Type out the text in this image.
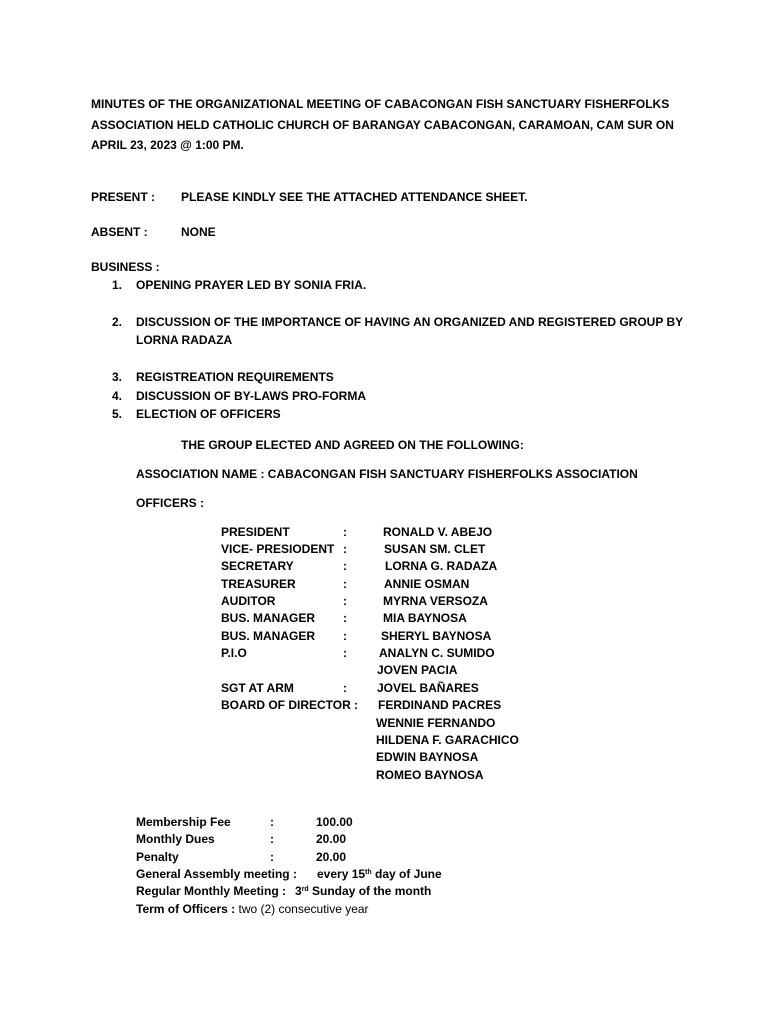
MINUTES OF THE ORGANIZATIONAL MEETING OF CABACONGAN FISH SANCTUARY FISHERFOLKS
ASSOCIATION HELD CATHOLIC CHURCH OF BARANGAY CABACONGAN, CARAMOAN, CAM SUR ON
APRIL 23, 2023 @ 1:00 PM.
PRESENT : PLEASE KINDLY SEE THE ATTACHED ATTENDANCE SHEET.
ABSENT :	NONE
BUSINESS :
1. OPENING PRAYER LED BY SONIA FRIA.
2. DISCUSSION OF THE IMPORTANCE OF HAVING AN ORGANIZED AND REGISTERED GROUP BY
LORNA RADAZA
3. REGISTREATION REQUIREMENTS
4. DISCUSSION OF BY-LAWS PRO-FORMA
5. ELECTION OF OFFICERS
THE GROUP ELECTED AND AGREED ON THE FOLLOWING:
ASSOCIATION NAME : CABACONGAN FISH SANCTUARY FISHERFOLKS ASSOCIATION
OFFICERS :
PRESIDENT	:	RONALD V. ABEJO
VICE- PRESIODENT :	SUSAN SM. CLET
SECRETARY	:	LORNA G. RADAZA
TREASURER	:	ANNIE OSMAN
AUDITOR	:	MYRNA VERSOZA
BUS. MANAGER :	MIA BAYNOSA
BUS. MANAGER :	SHERYL BAYNOSA
P.I.O	:	ANALYN C. SUMIDO
JOVEN PACIA
SGT AT ARM	:	JOVEL BAÑARES
BOARD OF DIRECTOR : FERDINAND PACRES
WENNIE FERNANDO
HILDENA F. GARACHICO
EDWIN BAYNOSA
ROMEO BAYNOSA
Membership Fee	:	100.00
Monthly Dues	:	20.00
Penalty	:	20.00
General Assembly meeting : every 15th day of June
Regular Monthly Meeting : 3rd Sunday of the month
Term of Officers : two (2) consecutive year
